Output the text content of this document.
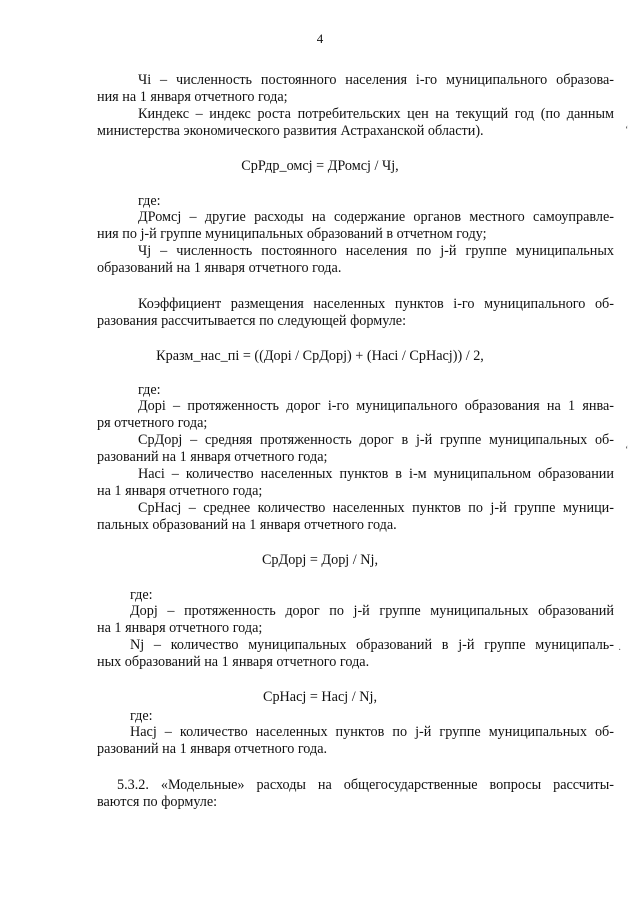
4
Чi – численность постоянного населения i-го муниципального образова-
ния на 1 января отчетного года;
Киндекс – индекс роста потребительских цен на текущий год (по данным
министерства экономического развития Астраханской области).
СрРдр_омсj = ДРомсj / Чj,
где:
ДРомсj – другие расходы на содержание органов местного самоуправле-
ния по j-й группе муниципальных образований в отчетном году;
Чj – численность постоянного населения по j-й группе муниципальных
образований на 1 января отчетного года.
Коэффициент размещения населенных пунктов i-го муниципального об-
разования рассчитывается по следующей формуле:
Кразм_нас_пi = ((Дорi / СрДорj) + (Насi / СрНасj)) / 2,
где:
Дорi – протяженность дорог i-го муниципального образования на 1 янва-
ря отчетного года;
СрДорj – средняя протяженность дорог в j-й группе муниципальных об-
разований на 1 января отчетного года;
Насi – количество населенных пунктов в i-м муниципальном образовании
на 1 января отчетного года;
СрНасj – среднее количество населенных пунктов по j-й группе муници-
пальных образований на 1 января отчетного года.
СрДорj = Дорj / Nj,
где:
Дорj – протяженность дорог по j-й группе муниципальных образований
на 1 января отчетного года;
Nj – количество муниципальных образований в j-й группе муниципаль-
ных образований на 1 января отчетного года.
СрНасj = Насj / Nj,
где:
Насj – количество населенных пунктов по j-й группе муниципальных об-
разований на 1 января отчетного года.
5.3.2. «Модельные» расходы на общегосударственные вопросы рассчиты-
ваются по формуле:
‘
‘
·
